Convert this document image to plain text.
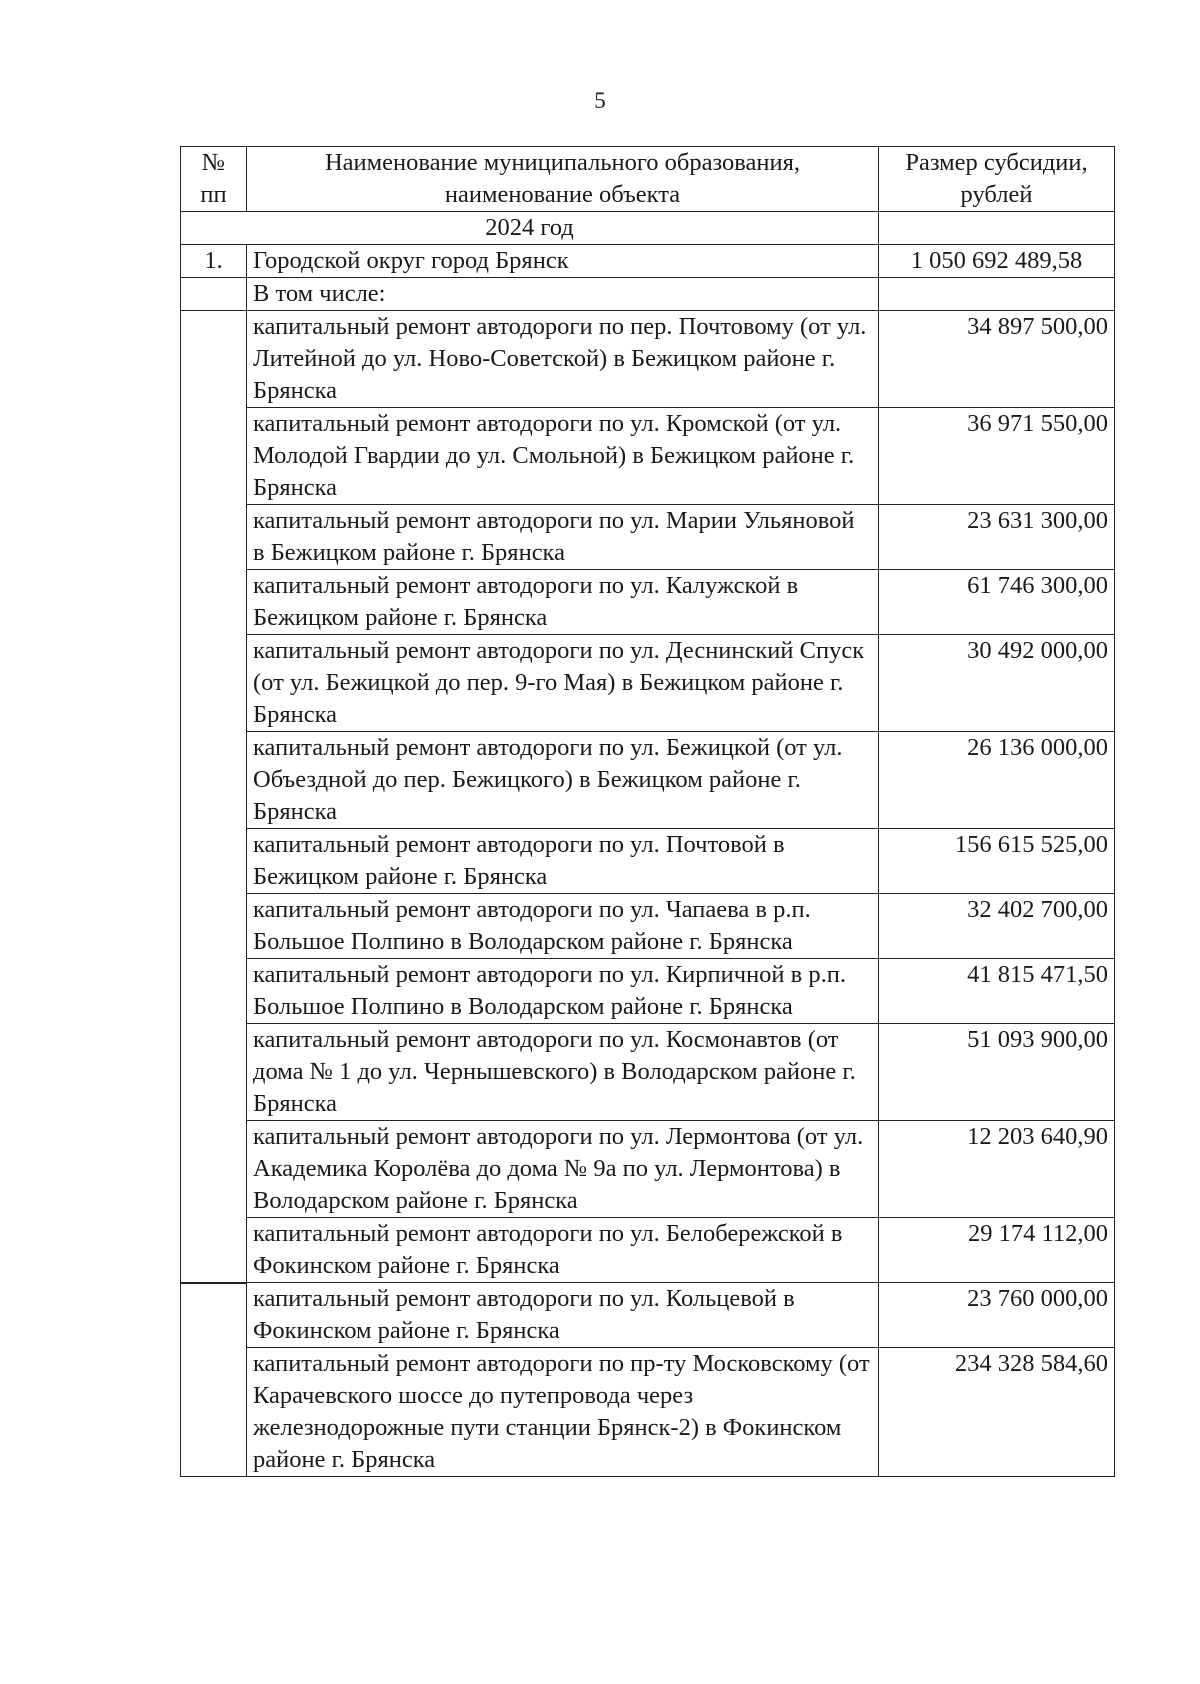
5
№ пп	Наименование муниципального образования, наименование объекта	Размер субсидии, рублей
2024 год		
1.	Городской округ город Брянск	1 050 692 489,58
	В том числе:	
	капитальный ремонт автодороги по пер. Почтовому (от ул. Литейной до ул. Ново-Советской) в Бежицком районе г. Брянска	34 897 500,00
	капитальный ремонт автодороги по ул. Кромской (от ул. Молодой Гвардии до ул. Смольной) в Бежицком районе г. Брянска	36 971 550,00
	капитальный ремонт автодороги по ул. Марии Ульяновой в Бежицком районе г. Брянска	23 631 300,00
	капитальный ремонт автодороги по ул. Калужской в Бежицком районе г. Брянска	61 746 300,00
	капитальный ремонт автодороги по ул. Деснинский Спуск (от ул. Бежицкой до пер. 9-го Мая) в Бежицком районе г. Брянска	30 492 000,00
	капитальный ремонт автодороги по ул. Бежицкой (от ул. Объездной до пер. Бежицкого) в Бежицком районе г. Брянска	26 136 000,00
	капитальный ремонт автодороги по ул. Почтовой в Бежицком районе г. Брянска	156 615 525,00
	капитальный ремонт автодороги по ул. Чапаева в р.п. Большое Полпино в Володарском районе г. Брянска	32 402 700,00
	капитальный ремонт автодороги по ул. Кирпичной в р.п. Большое Полпино в Володарском районе г. Брянска	41 815 471,50
	капитальный ремонт автодороги по ул. Космонавтов (от дома № 1 до ул. Чернышевского) в Володарском районе г. Брянска	51 093 900,00
	капитальный ремонт автодороги по ул. Лермонтова (от ул. Академика Королёва до дома № 9а по ул. Лермонтова) в Володарском районе г. Брянска	12 203 640,90
	капитальный ремонт автодороги по ул. Белобережской в Фокинском районе г. Брянска	29 174 112,00
	капитальный ремонт автодороги по ул. Кольцевой в Фокинском районе г. Брянска	23 760 000,00
	капитальный ремонт автодороги по пр-ту Московскому (от Карачевского шоссе до путепровода через железнодорожные пути станции Брянск-2) в Фокинском районе г. Брянска	234 328 584,60
